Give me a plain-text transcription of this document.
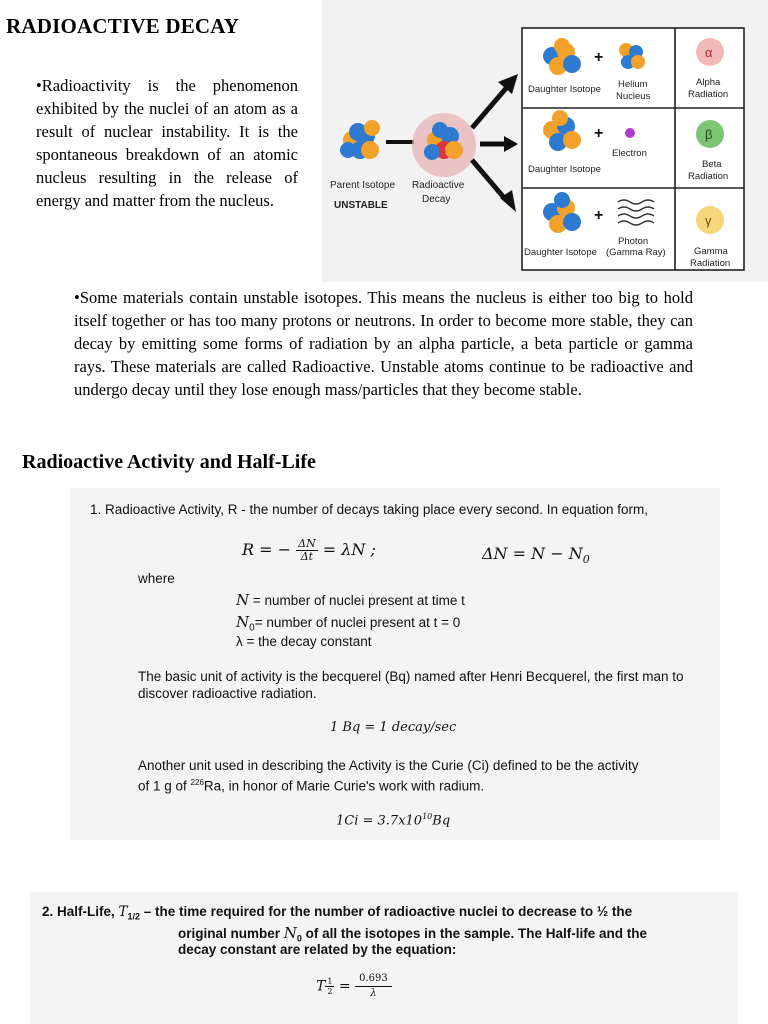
RADIOACTIVE DECAY
•Radioactivity is the phenomenon exhibited by the nuclei of an atom as a result of nuclear instability. It is the spontaneous breakdown of an atomic nucleus resulting in the release of energy and matter from the nucleus.
Parent Isotope
UNSTABLE
Radioactive
Decay
+
Daughter Isotope Helium
Nucleus
α
Alpha
Radiation
+
Electron
Daughter Isotope
β
Beta
Radiation
+
Photon
Daughter Isotope (Gamma Ray)
γ
Gamma
Radiation
•Some materials contain unstable isotopes. This means the nucleus is either too big to hold itself together or has too many protons or neutrons. In order to become more stable, they can decay by emitting some forms of radiation by an alpha particle, a beta particle or gamma rays. These materials are called Radioactive. Unstable atoms continue to be radioactive and undergo decay until they lose enough mass/particles that they become stable.
Radioactive Activity and Half-Life
1. Radioactive Activity, R - the number of decays taking place every second. In equation form,
R = − $\frac{\Delta N}{\Delta t} = \lambda N$ ;	$\Delta N = N - N_0$
where
N = number of nuclei present at time t
$N_0=$ number of nuclei present at t = 0
λ = the decay constant
The basic unit of activity is the becquerel (Bq) named after Henri Becquerel, the first man to discover radioactive radiation.
1 Bq = 1 decay/sec
Another unit used in describing the Activity is the Curie (Ci) defined to be the activity
of 1 g of $^{226}$Ra, in honor of Marie Curie's work with radium.
$1Ci = 3.7x10^{10}Bq$
2. Half-Life, $T_{1/2}$ – the time required for the number of radioactive nuclei to decrease to ½ the
original number $N_0$ of all the isotopes in the sample. The Half-life and the
decay constant are related by the equation:
T $\frac{1}{2} = \frac{0.693}{\lambda}$
